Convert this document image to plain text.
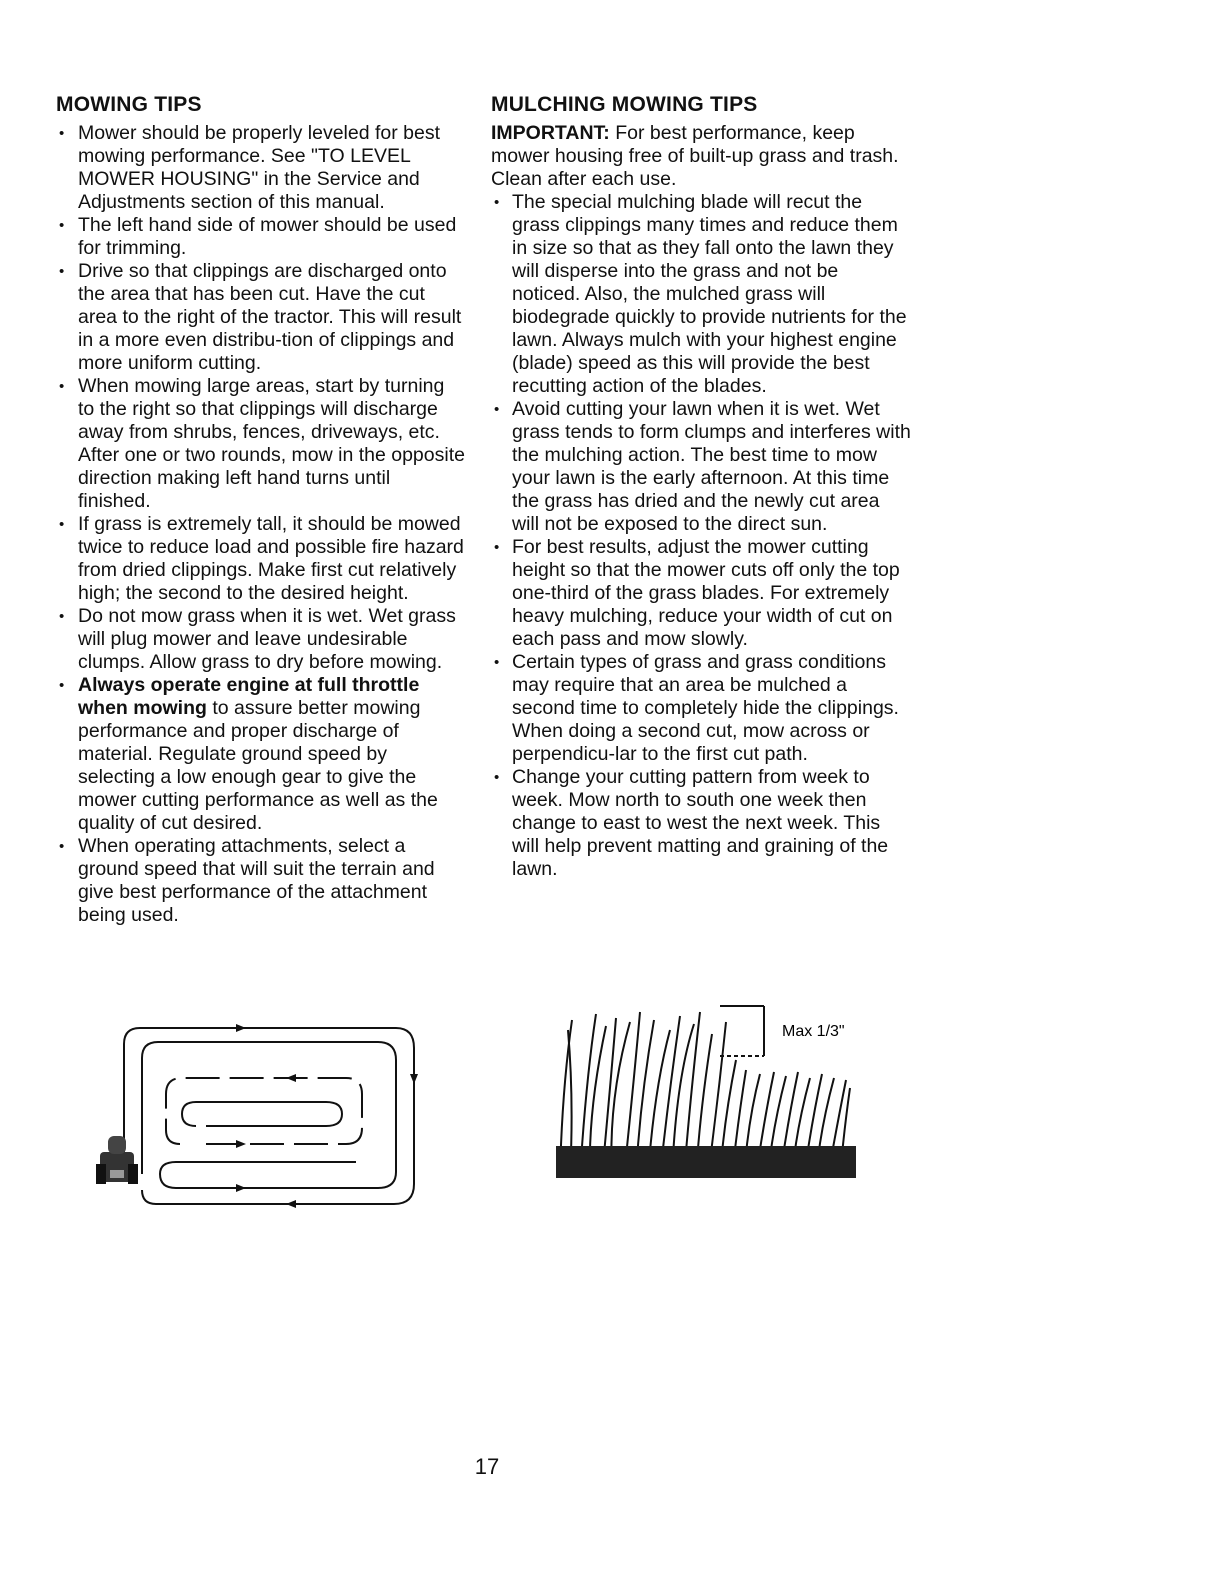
MOWING TIPS
• Mower should be properly leveled for best mowing performance. See "TO LEVEL MOWER HOUSING" in the Service and Adjustments section of this manual.
• The left hand side of mower should be used for trimming.
• Drive so that clippings are discharged onto the area that has been cut. Have the cut area to the right of the tractor. This will result in a more even distribu-tion of clippings and more uniform cutting.
• When mowing large areas, start by turning to the right so that clippings will discharge away from shrubs, fences, driveways, etc. After one or two rounds, mow in the opposite direction making left hand turns until finished.
• If grass is extremely tall, it should be mowed twice to reduce load and possible fire hazard from dried clippings. Make first cut relatively high; the second to the desired height.
• Do not mow grass when it is wet. Wet grass will plug mower and leave undesirable clumps. Allow grass to dry before mowing.
• Always operate engine at full throttle when mowing to assure better mowing performance and proper discharge of material. Regulate ground speed by selecting a low enough gear to give the mower cutting performance as well as the quality of cut desired.
• When operating attachments, select a ground speed that will suit the terrain and give best performance of the attachment being used.
MULCHING MOWING TIPS

IMPORTANT: For best performance, keep mower housing free of built-up grass and trash. Clean after each use.

• The special mulching blade will recut the grass clippings many times and reduce them in size so that as they fall onto the lawn they will disperse into the grass and not be noticed. Also, the mulched grass will biodegrade quickly to provide nutrients for the lawn. Always mulch with your highest engine (blade) speed as this will provide the best recutting action of the blades.
• Avoid cutting your lawn when it is wet. Wet grass tends to form clumps and interferes with the mulching action. The best time to mow your lawn is the early afternoon. At this time the grass has dried and the newly cut area will not be exposed to the direct sun.
• For best results, adjust the mower cutting height so that the mower cuts off only the top one-third of the grass blades. For extremely heavy mulching, reduce your width of cut on each pass and mow slowly.
• Certain types of grass and grass conditions may require that an area be mulched a second time to completely hide the clippings. When doing a second cut, mow across or perpendicu-lar to the first cut path.
• Change your cutting pattern from week to week. Mow north to south one week then change to east to west the next week. This will help prevent matting and graining of the lawn.
Max 1/3"
17
